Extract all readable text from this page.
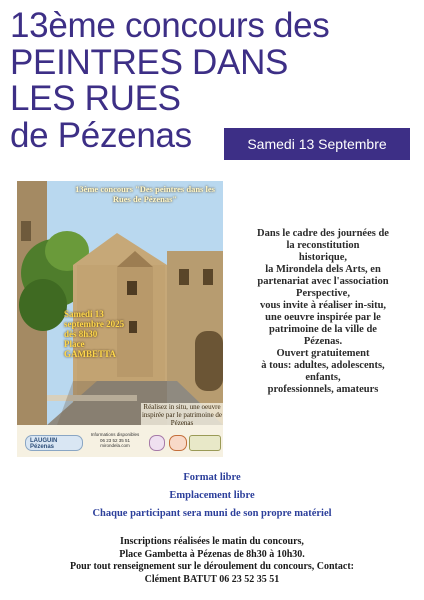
13ème concours des
PEINTRES DANS
LES RUES
de Pézenas	Samedi 13 Septembre
13ème concours "Des peintres dans les Rues de Pézenas"
Samedi 13
septembre 2025
dès 8h30
Place
GAMBETTA
Réalisez in situ, une oeuvre inspirée par le patrimoine de Pézenas
LAUGUIN Pézenas
Informations disponibles 06 23 52 35 51 mirondela.com
Dans le cadre des journées de
la reconstitution
historique,
la Mirondela dels Arts, en
partenariat avec l'association
Perspective,
vous invite à réaliser in-situ,
une oeuvre inspirée par le
patrimoine de la ville de
Pézenas.
Ouvert gratuitement
à tous: adultes, adolescents,
enfants,
professionnels, amateurs
Format libre
Emplacement libre
Chaque participant sera muni de son propre matériel
Inscriptions réalisées le matin du concours,
Place Gambetta à Pézenas de 8h30 à 10h30.
Pour tout renseignement sur le déroulement du concours, Contact:
Clément BATUT 06 23 52 35 51
